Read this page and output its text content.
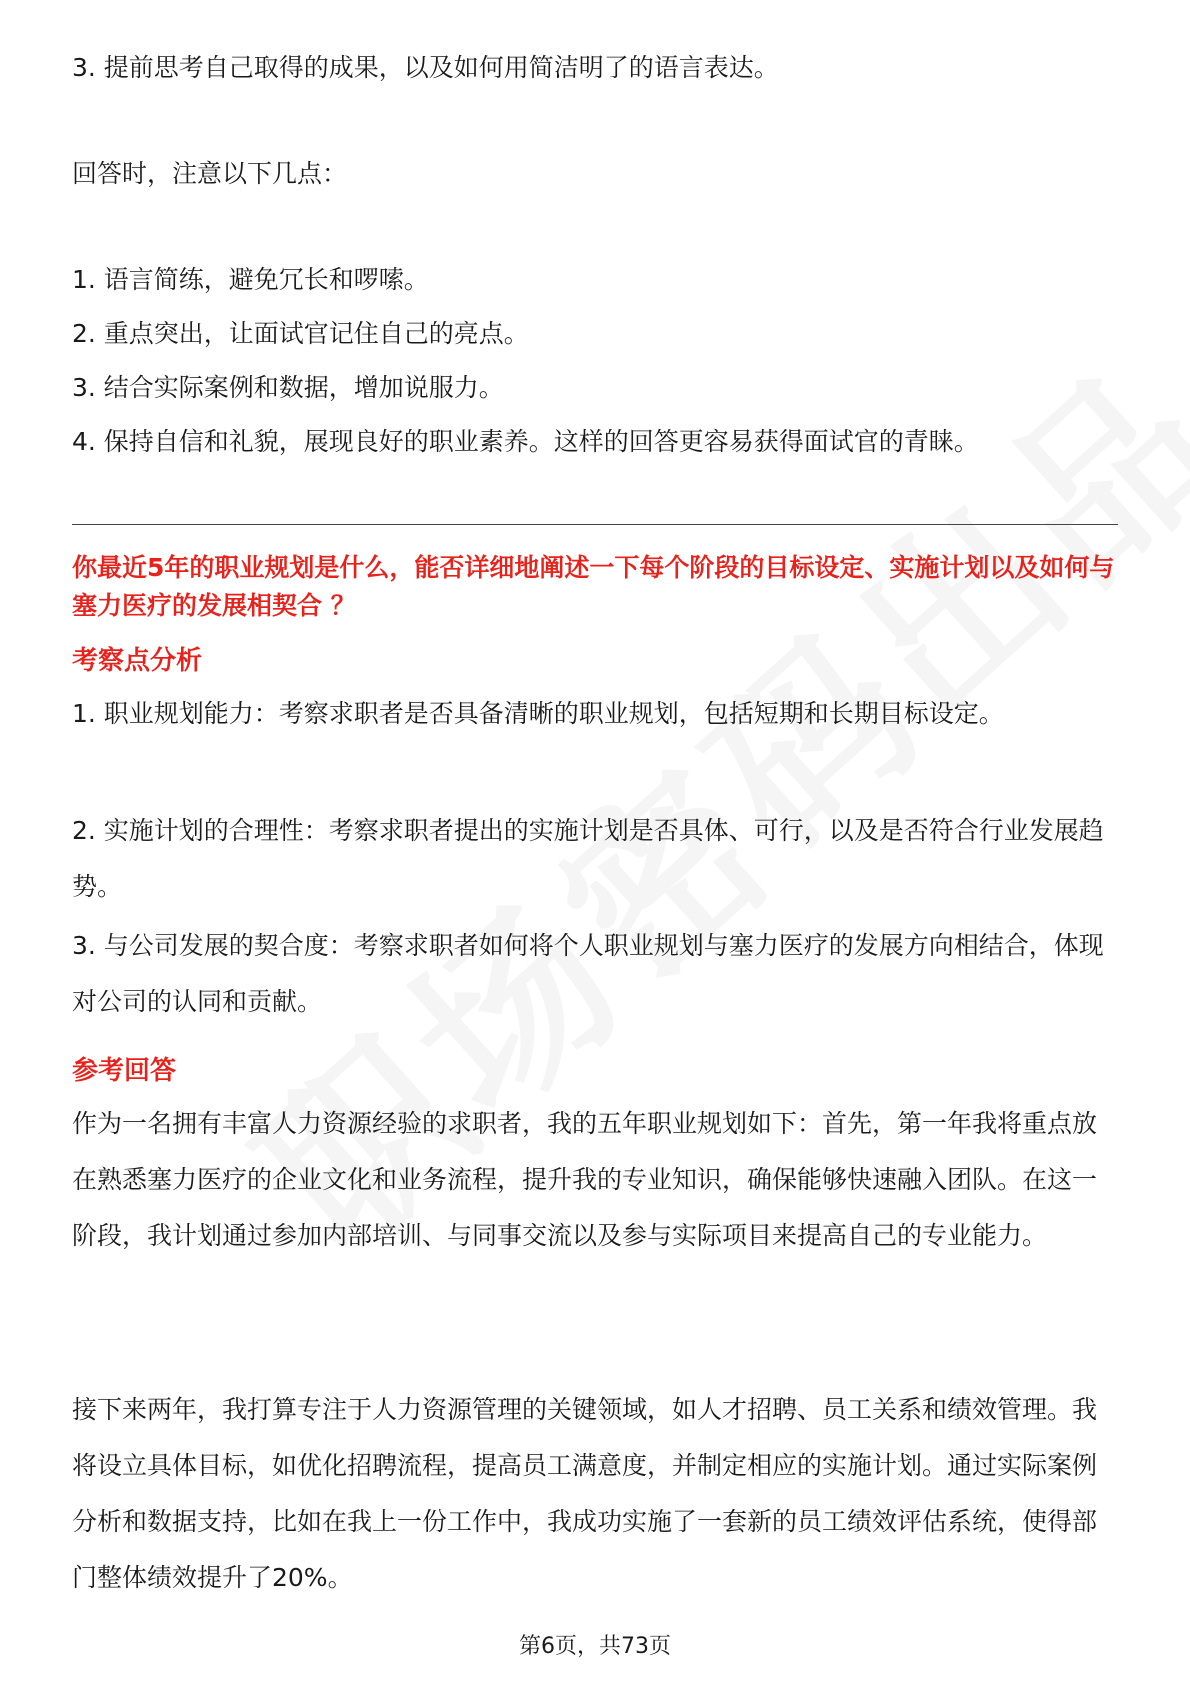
3. 提前思考自己取得的成果，以及如何用简洁明了的语言表达。

回答时，注意以下几点：

1. 语言简练，避免冗长和啰嗦。

2. 重点突出，让面试官记住自己的亮点。

3. 结合实际案例和数据，增加说服力。

4. 保持自信和礼貌，展现良好的职业素养。这样的回答更容易获得面试官的青睐。

你最近5年的职业规划是什么，能否详细地阐述一下每个阶段的目标设定、实施计划以及如何与塞力医疗的发展相契合 ？

考察点分析

1. 职业规划能力：考察求职者是否具备清晰的职业规划，包括短期和长期目标设定。

2. 实施计划的合理性：考察求职者提出的实施计划是否具体、可行，以及是否符合行业发展趋势。

3. 与公司发展的契合度：考察求职者如何将个人职业规划与塞力医疗的发展方向相结合，体现对公司的认同和贡献。

参考回答

作为一名拥有丰富人力资源经验的求职者，我的五年职业规划如下：首先，第一年我将重点放在熟悉塞力医疗的企业文化和业务流程，提升我的专业知识，确保能够快速融入团队。在这一阶段，我计划通过参加内部培训、与同事交流以及参与实际项目来提高自己的专业能力。

接下来两年，我打算专注于人力资源管理的关键领域，如人才招聘、员工关系和绩效管理。我将设立具体目标，如优化招聘流程，提高员工满意度，并制定相应的实施计划。通过实际案例分析和数据支持，比如在我上一份工作中，我成功实施了一套新的员工绩效评估系统，使得部门整体绩效提升了20%。

第6页，共73页
